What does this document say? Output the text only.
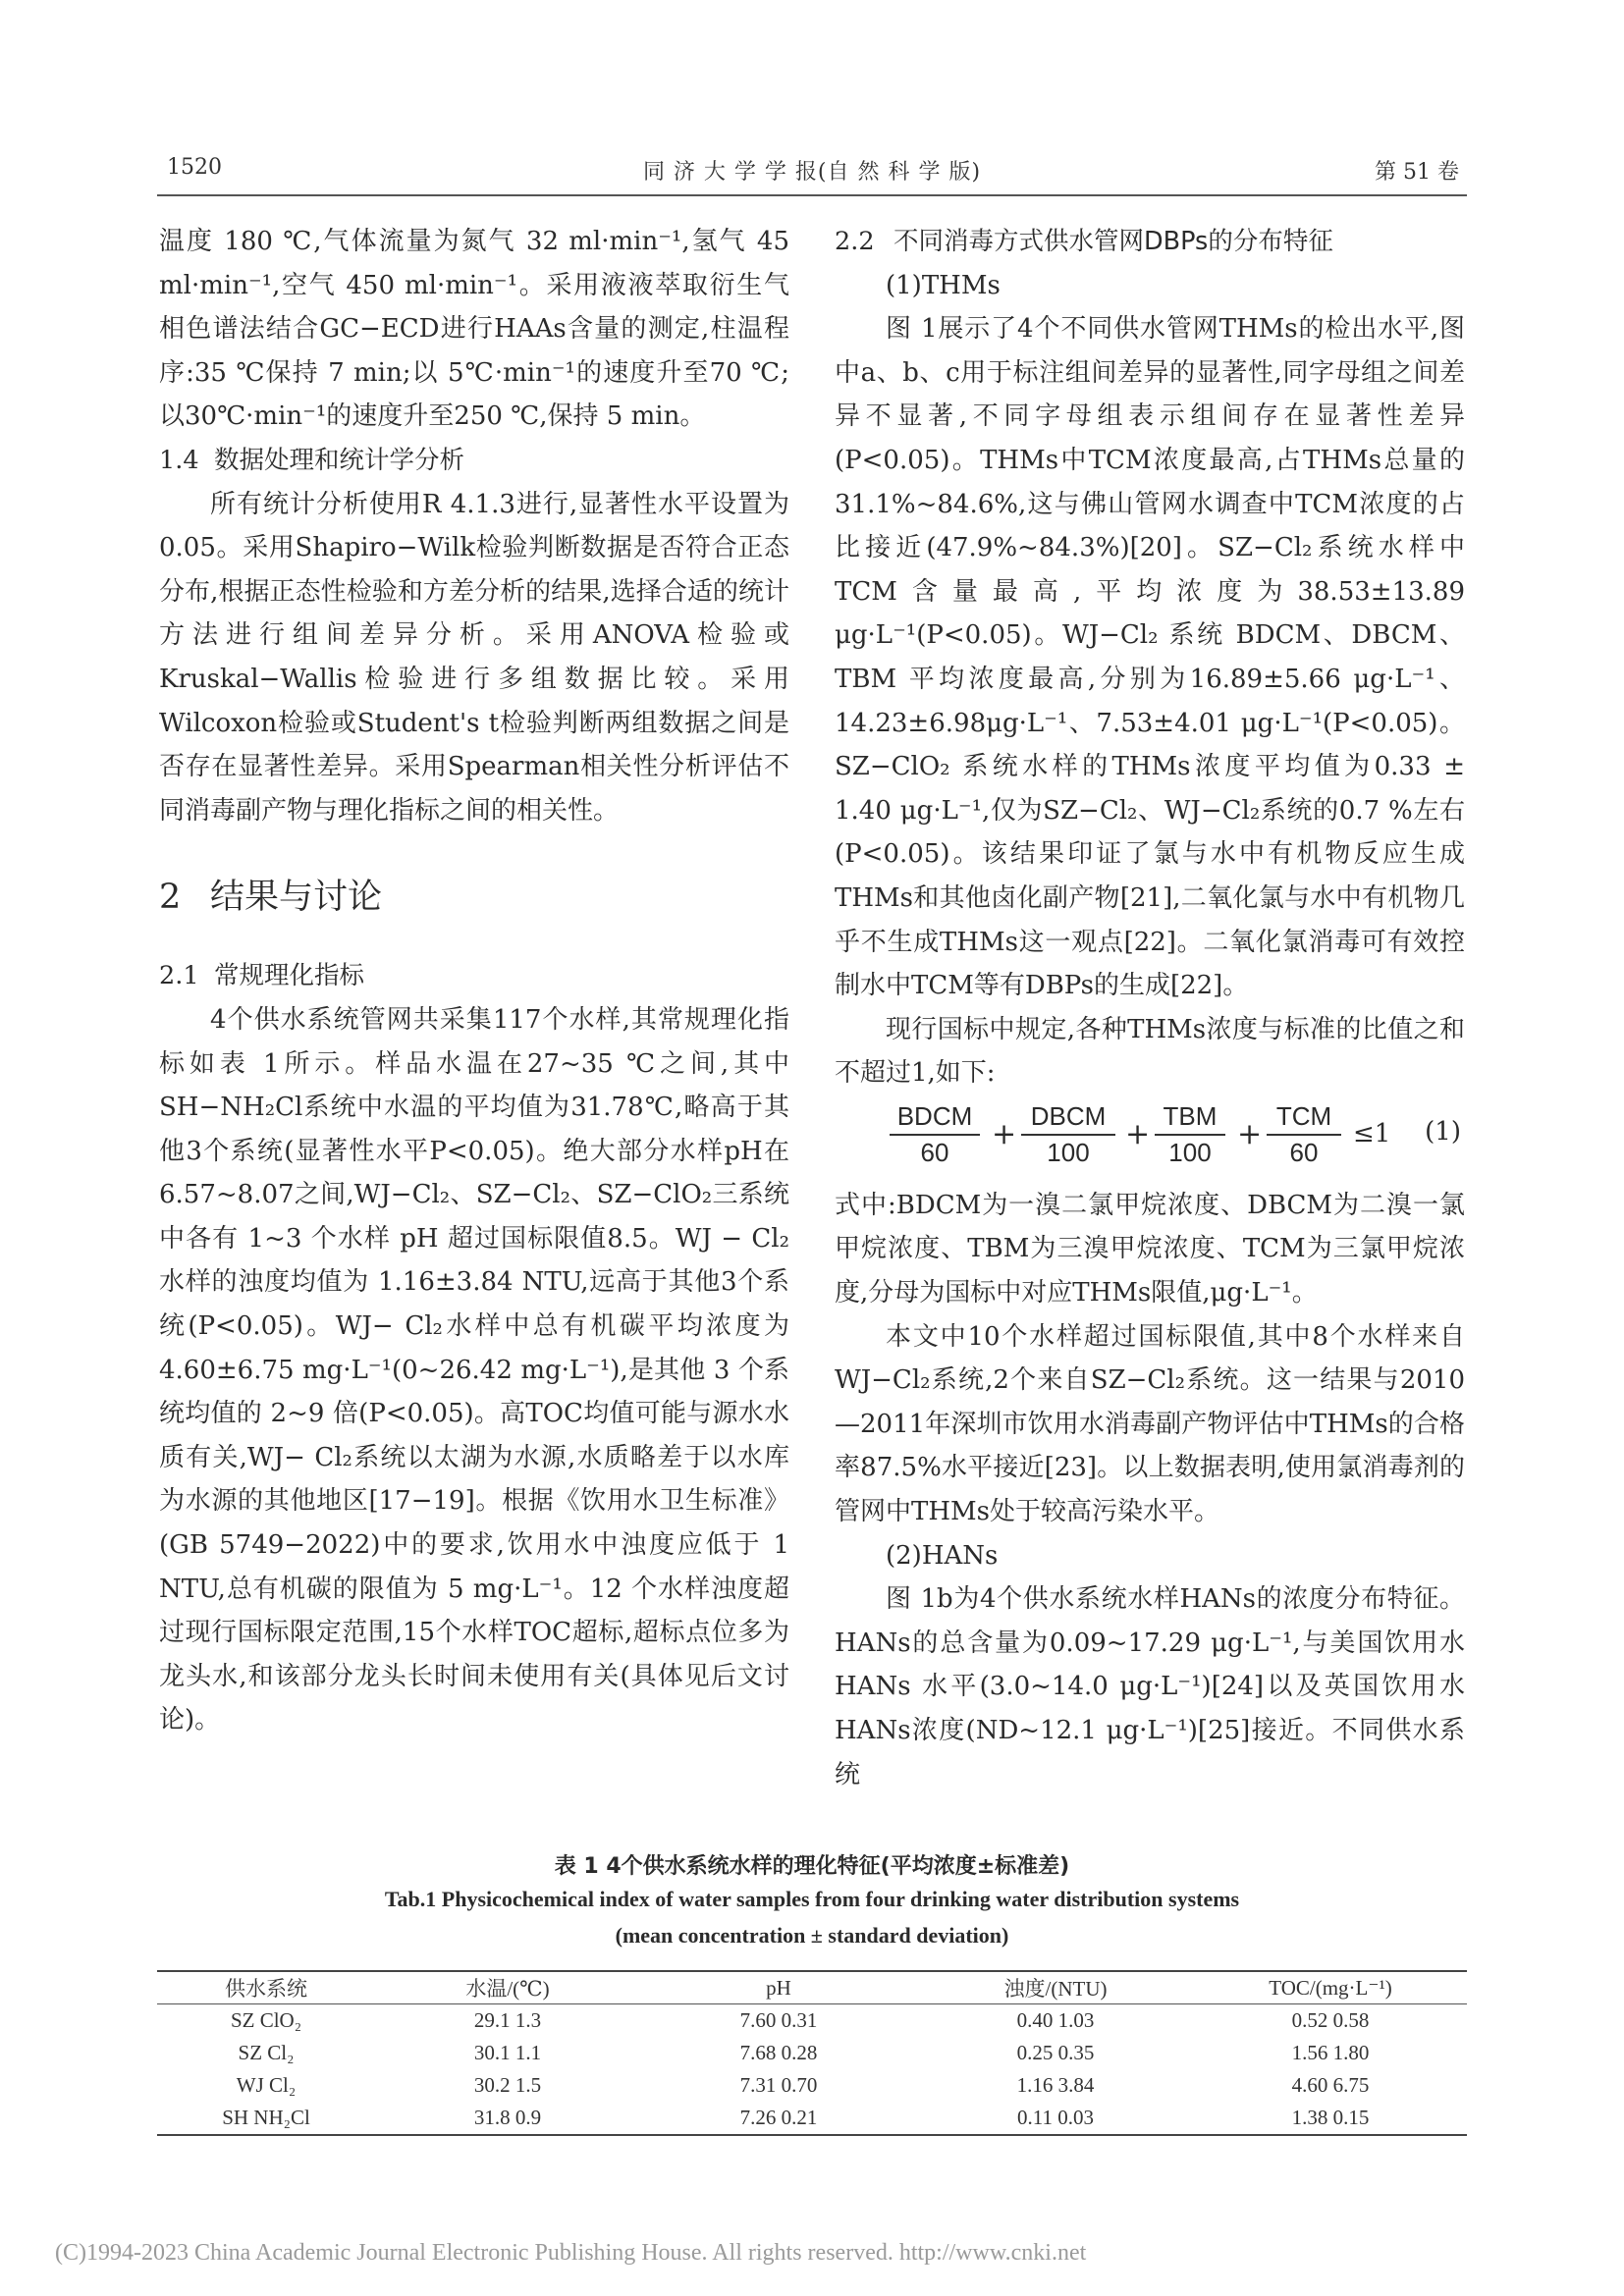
1520	同 济 大 学 学 报(自 然 科 学 版)	第 51 卷

温度 180 ℃,气体流量为氮气 32 ml·min⁻¹,氢气 45 ml·min⁻¹,空气 450 ml·min⁻¹。采用液液萃取衍生气相色谱法结合GC−ECD进行HAAs含量的测定,柱温程序:35 ℃保持 7 min;以 5℃·min⁻¹的速度升至70 ℃;以30℃·min⁻¹的速度升至250 ℃,保持 5 min。

1.4 数据处理和统计学分析

所有统计分析使用R 4.1.3进行,显著性水平设置为0.05。采用Shapiro−Wilk检验判断数据是否符合正态分布,根据正态性检验和方差分析的结果,选择合适的统计方法进行组间差异分析。采用ANOVA检验或Kruskal−Wallis检验进行多组数据比较。采用Wilcoxon检验或Student's t检验判断两组数据之间是否存在显著性差异。采用Spearman相关性分析评估不同消毒副产物与理化指标之间的相关性。

2 结果与讨论
2.1 常规理化指标

4个供水系统管网共采集117个水样,其常规理化指标如表 1所示。样品水温在27~35 ℃之间,其中SH−NH₂Cl系统中水温的平均值为31.78℃,略高于其他3个系统(显著性水平P<0.05)。绝大部分水样pH在6.57~8.07之间,WJ−Cl₂、SZ−Cl₂、SZ−ClO₂三系统中各有 1~3 个水样 pH 超过国标限值8.5。WJ − Cl₂ 水样的浊度均值为 1.16±3.84 NTU,远高于其他3个系统(P<0.05)。WJ− Cl₂水样中总有机碳平均浓度为 4.60±6.75 mg·L⁻¹(0~26.42 mg·L⁻¹),是其他 3 个系统均值的 2~9 倍(P<0.05)。高TOC均值可能与源水水质有关,WJ− Cl₂系统以太湖为水源,水质略差于以水库为水源的其他地区[17−19]。根据《饮用水卫生标准》(GB 5749−2022)中的要求,饮用水中浊度应低于 1 NTU,总有机碳的限值为 5 mg·L⁻¹。12 个水样浊度超过现行国标限定范围,15个水样TOC超标,超标点位多为龙头水,和该部分龙头长时间未使用有关(具体见后文讨论)。

2.2 不同消毒方式供水管网DBPs的分布特征

(1)THMs

图 1展示了4个不同供水管网THMs的检出水平,图中a、b、c用于标注组间差异的显著性,同字母组之间差异不显著,不同字母组表示组间存在显著性差异(P<0.05)。THMs中TCM浓度最高,占THMs总量的31.1%~84.6%,这与佛山管网水调查中TCM浓度的占比接近(47.9%~84.3%)[20]。SZ−Cl₂系统水样中TCM含量最高,平均浓度为38.53±13.89 μg·L⁻¹(P<0.05)。WJ−Cl₂ 系统 BDCM、DBCM、TBM 平均浓度最高,分别为16.89±5.66 μg·L⁻¹、14.23±6.98μg·L⁻¹、7.53±4.01 μg·L⁻¹(P<0.05)。SZ−ClO₂ 系统水样的THMs浓度平均值为0.33 ± 1.40 μg·L⁻¹,仅为SZ−Cl₂、WJ−Cl₂系统的0.7 %左右(P<0.05)。该结果印证了氯与水中有机物反应生成THMs和其他卤化副产物[21],二氧化氯与水中有机物几乎不生成THMs这一观点[22]。二氧化氯消毒可有效控制水中TCM等有DBPs的生成[22]。

现行国标中规定,各种THMs浓度与标准的比值之和不超过1,如下:

BDCM
60
+
DBCM
100
+
TBM
100
+
TCM
60
≤1 (1)

式中:BDCM为一溴二氯甲烷浓度、DBCM为二溴一氯甲烷浓度、TBM为三溴甲烷浓度、TCM为三氯甲烷浓度,分母为国标中对应THMs限值,μg·L⁻¹。

本文中10个水样超过国标限值,其中8个水样来自WJ−Cl₂系统,2个来自SZ−Cl₂系统。这一结果与2010—2011年深圳市饮用水消毒副产物评估中THMs的合格率87.5%水平接近[23]。以上数据表明,使用氯消毒剂的管网中THMs处于较高污染水平。

(2)HANs

图 1b为4个供水系统水样HANs的浓度分布特征。HANs的总含量为0.09~17.29 μg·L⁻¹,与美国饮用水HANs 水平(3.0~14.0 μg·L⁻¹)[24]以及英国饮用水HANs浓度(ND~12.1 μg·L⁻¹)[25]接近。不同供水系统

表 1 4个供水系统水样的理化特征(平均浓度±标准差)
Tab.1 Physicochemical index of water samples from four drinking water distribution systems
(mean concentration ± standard deviation)
供水系统	水温/(℃)	pH	浊度/(NTU)	TOC/(mg·L⁻¹)
SZ ClO₂	29.1 1.3	7.60 0.31	0.40 1.03	0.52 0.58
SZ Cl₂	30.1 1.1	7.68 0.28	0.25 0.35	1.56 1.80
WJ Cl₂	30.2 1.5	7.31 0.70	1.16 3.84	4.60 6.75
SH NH₂Cl	31.8 0.9	7.26 0.21	0.11 0.03	1.38 0.15
(C)1994-2023 China Academic Journal Electronic Publishing House. All rights reserved. http://www.cnki.net
